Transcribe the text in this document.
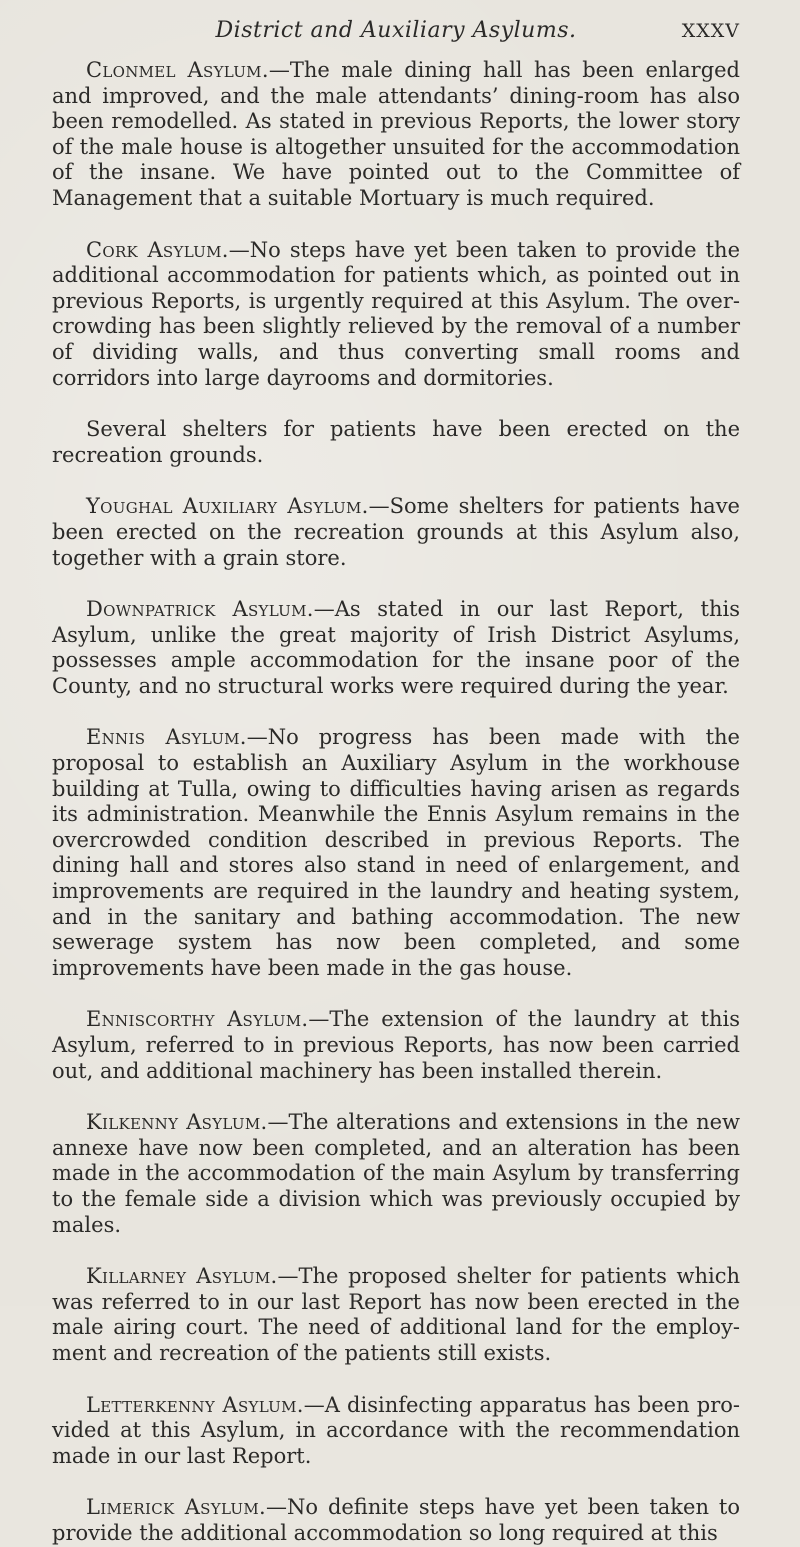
District and Auxiliary Asylums.	XXXV

Clonmel Asylum.—The male dining hall has been enlarged and improved, and the male attendants’ dining-room has also been remodelled. As stated in previous Reports, the lower story of the male house is altogether unsuited for the accommodation of the insane. We have pointed out to the Committee of Management that a suitable Mortuary is much required.

Cork Asylum.—No steps have yet been taken to provide the additional accommodation for patients which, as pointed out in previous Reports, is urgently required at this Asylum. The overcrowding has been slightly relieved by the removal of a number of dividing walls, and thus converting small rooms and corridors into large dayrooms and dormitories.

Several shelters for patients have been erected on the recreation grounds.

Youghal Auxiliary Asylum.—Some shelters for patients have been erected on the recreation grounds at this Asylum also, together with a grain store.

Downpatrick Asylum.—As stated in our last Report, this Asylum, unlike the great majority of Irish District Asylums, possesses ample accommodation for the insane poor of the County, and no structural works were required during the year.

Ennis Asylum.—No progress has been made with the proposal to establish an Auxiliary Asylum in the workhouse building at Tulla, owing to difficulties having arisen as regards its administration. Meanwhile the Ennis Asylum remains in the overcrowded condition described in previous Reports. The dining hall and stores also stand in need of enlargement, and improvements are required in the laundry and heating system, and in the sanitary and bathing accommodation. The new sewerage system has now been completed, and some improvements have been made in the gas house.

Enniscorthy Asylum.—The extension of the laundry at this Asylum, referred to in previous Reports, has now been carried out, and additional machinery has been installed therein.

Kilkenny Asylum.—The alterations and extensions in the new annexe have now been completed, and an alteration has been made in the accommodation of the main Asylum by transferring to the female side a division which was previously occupied by males.

Killarney Asylum.—The proposed shelter for patients which was referred to in our last Report has now been erected in the male airing court. The need of additional land for the employment and recreation of the patients still exists.

Letterkenny Asylum.—A disinfecting apparatus has been provided at this Asylum, in accordance with the recommendation made in our last Report.

Limerick Asylum.—No definite steps have yet been taken to provide the additional accommodation so long required at this
